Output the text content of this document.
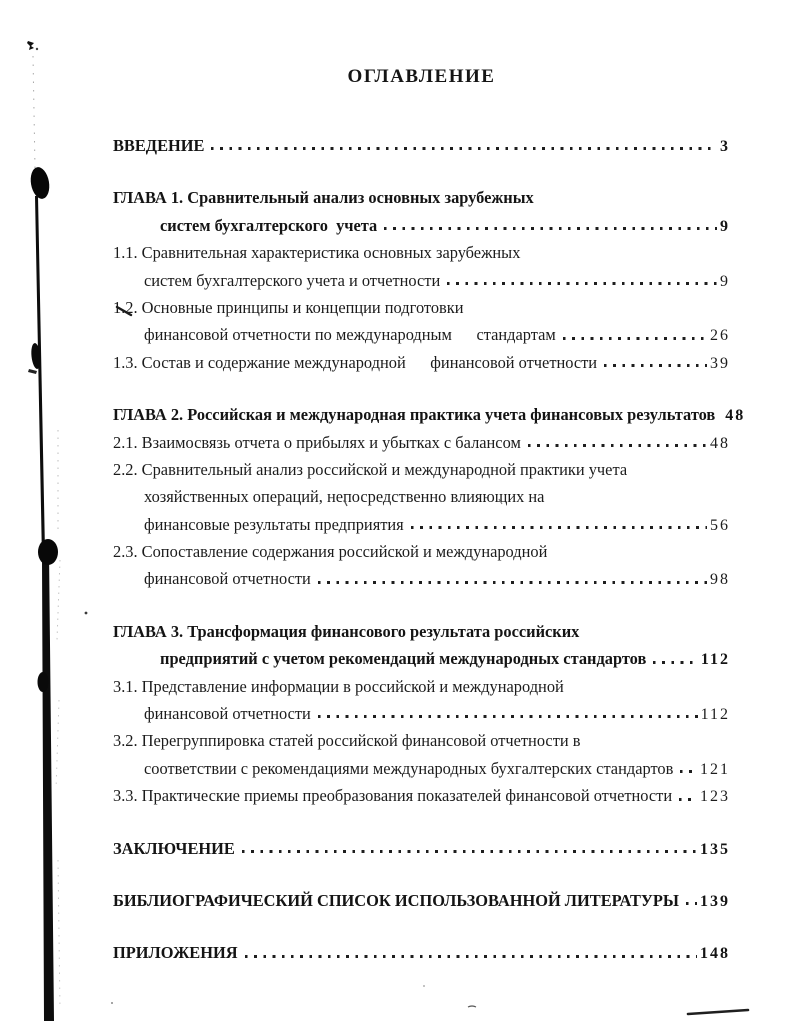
ОГЛАВЛЕНИЕ
ВВЕДЕНИЕ	3
ГЛАВА 1. Сравнительный анализ основных зарубежных
систем бухгалтерского  учета	9
1.1. Сравнительная характеристика основных зарубежных
систем бухгалтерского учета и отчетности	9
1.2. Основные принципы и концепции подготовки
финансовой отчетности по международным      стандартам	26
1.3. Состав и содержание международной      финансовой отчетности	39
ГЛАВА 2. Российская и международная практика учета финансовых результатов 48
2.1. Взаимосвязь отчета о прибылях и убытках с балансом	48
2.2. Сравнительный анализ российской и международной практики учета
хозяйственных операций, непосредственно влияющих на
финансовые результаты предприятия	56
2.3. Сопоставление содержания российской и международной
финансовой отчетности	98
ГЛАВА 3. Трансформация финансового результата российских
предприятий с учетом рекомендаций международных стандартов	112
3.1. Представление информации в российской и международной
финансовой отчетности	112
3.2. Перегруппировка статей российской финансовой отчетности в
соответствии с рекомендациями международных бухгалтерских стандартов 121
3.3. Практические приемы преобразования показателей финансовой отчетности 123
ЗАКЛЮЧЕНИЕ	135
БИБЛИОГРАФИЧЕСКИЙ СПИСОК ИСПОЛЬЗОВАННОЙ ЛИТЕРАТУРЫ 139
ПРИЛОЖЕНИЯ	148
